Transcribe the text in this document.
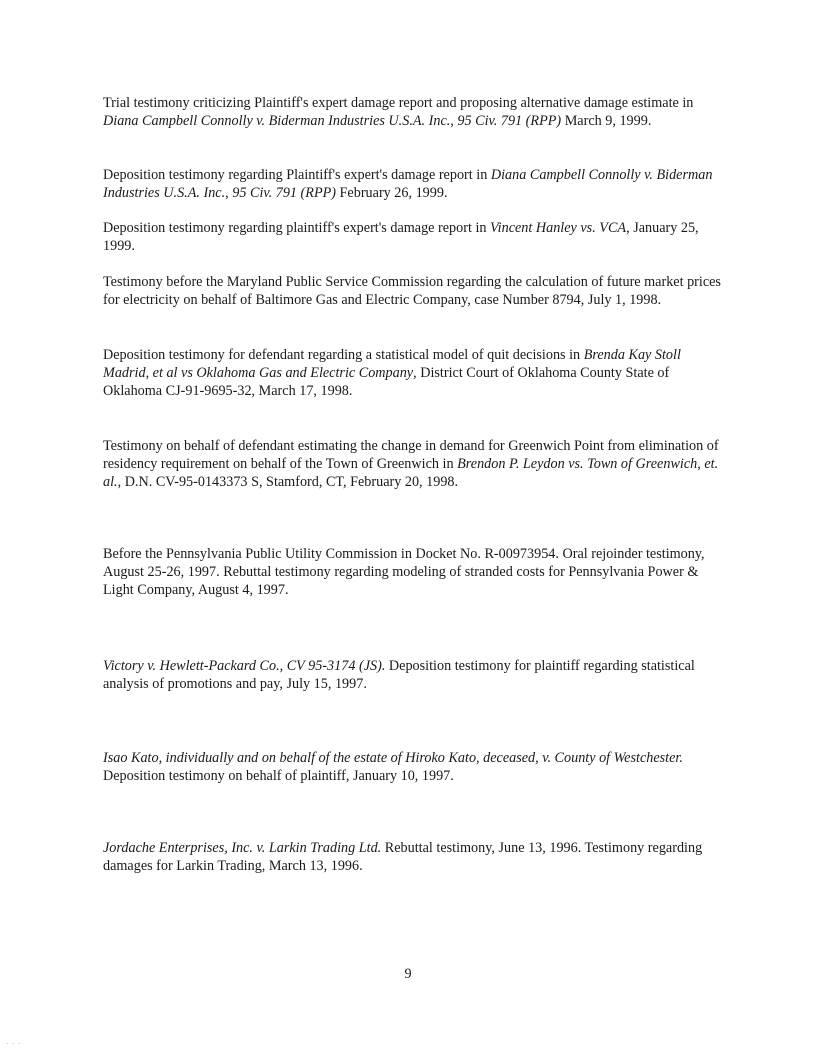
Trial testimony criticizing Plaintiff's expert damage report and proposing alternative damage estimate in Diana Campbell Connolly v. Biderman Industries U.S.A. Inc., 95 Civ. 791 (RPP) March 9, 1999.

Deposition testimony regarding Plaintiff's expert's damage report in Diana Campbell Connolly v. Biderman Industries U.S.A. Inc., 95 Civ. 791 (RPP) February 26, 1999.

Deposition testimony regarding plaintiff's expert's damage report in Vincent Hanley vs. VCA, January 25, 1999.

Testimony before the Maryland Public Service Commission regarding the calculation of future market prices for electricity on behalf of Baltimore Gas and Electric Company, case Number 8794, July 1, 1998.

Deposition testimony for defendant regarding a statistical model of quit decisions in Brenda Kay Stoll Madrid, et al vs Oklahoma Gas and Electric Company, District Court of Oklahoma County State of Oklahoma CJ-91-9695-32, March 17, 1998.

Testimony on behalf of defendant estimating the change in demand for Greenwich Point from elimination of residency requirement on behalf of the Town of Greenwich in Brendon P. Leydon vs. Town of Greenwich, et. al., D.N. CV-95-0143373 S, Stamford, CT, February 20, 1998.

Before the Pennsylvania Public Utility Commission in Docket No. R-00973954. Oral rejoinder testimony, August 25-26, 1997. Rebuttal testimony regarding modeling of stranded costs for Pennsylvania Power & Light Company, August 4, 1997.

Victory v. Hewlett-Packard Co., CV 95-3174 (JS). Deposition testimony for plaintiff regarding statistical analysis of promotions and pay, July 15, 1997.

Isao Kato, individually and on behalf of the estate of Hiroko Kato, deceased, v. County of Westchester. Deposition testimony on behalf of plaintiff, January 10, 1997.

Jordache Enterprises, Inc. v. Larkin Trading Ltd. Rebuttal testimony, June 13, 1996. Testimony regarding damages for Larkin Trading, March 13, 1996.

9

· · ·
